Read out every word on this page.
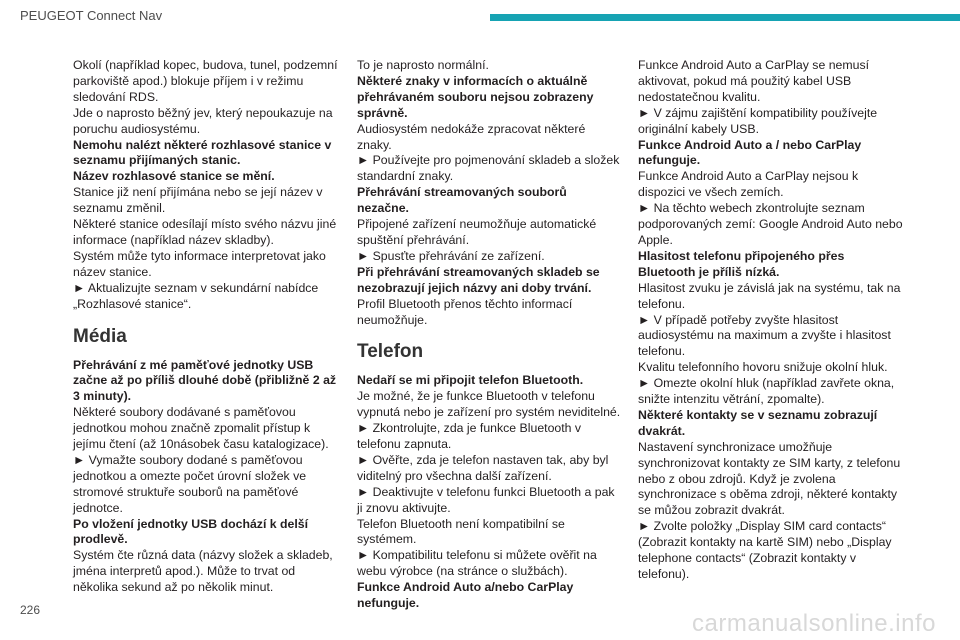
PEUGEOT Connect Nav

Okolí (například kopec, budova, tunel, podzemní parkoviště apod.) blokuje příjem i v režimu sledování RDS.

Jde o naprosto běžný jev, který nepoukazuje na poruchu audiosystému.

Nemohu nalézt některé rozhlasové stanice v seznamu přijímaných stanic.

Název rozhlasové stanice se mění.

Stanice již není přijímána nebo se její název v seznamu změnil.

Některé stanice odesílají místo svého názvu jiné informace (například název skladby).

Systém může tyto informace interpretovat jako název stanice.

► Aktualizujte seznam v sekundární nabídce „Rozhlasové stanice“.

Média

Přehrávání z mé paměťové jednotky USB začne až po příliš dlouhé době (přibližně 2 až 3 minuty).

Některé soubory dodávané s paměťovou jednotkou mohou značně zpomalit přístup k jejímu čtení (až 10násobek času katalogizace).

► Vymažte soubory dodané s paměťovou jednotkou a omezte počet úrovní složek ve stromové struktuře souborů na paměťové jednotce.

Po vložení jednotky USB dochází k delší prodlevě.

Systém čte různá data (názvy složek a skladeb, jména interpretů apod.). Může to trvat od několika sekund až po několik minut.

To je naprosto normální.

Některé znaky v informacích o aktuálně přehrávaném souboru nejsou zobrazeny správně.

Audiosystém nedokáže zpracovat některé znaky.

► Používejte pro pojmenování skladeb a složek standardní znaky.

Přehrávání streamovaných souborů nezačne.

Připojené zařízení neumožňuje automatické spuštění přehrávání.

► Spusťte přehrávání ze zařízení.

Při přehrávání streamovaných skladeb se nezobrazují jejich názvy ani doby trvání.

Profil Bluetooth přenos těchto informací neumožňuje.

Telefon

Nedaří se mi připojit telefon Bluetooth.

Je možné, že je funkce Bluetooth v telefonu vypnutá nebo je zařízení pro systém neviditelné.

► Zkontrolujte, zda je funkce Bluetooth v telefonu zapnuta.

► Ověřte, zda je telefon nastaven tak, aby byl viditelný pro všechna další zařízení.

► Deaktivujte v telefonu funkci Bluetooth a pak ji znovu aktivujte.

Telefon Bluetooth není kompatibilní se systémem.

► Kompatibilitu telefonu si můžete ověřit na webu výrobce (na stránce o službách).

Funkce Android Auto a/nebo CarPlay nefunguje.

Funkce Android Auto a CarPlay se nemusí aktivovat, pokud má použitý kabel USB nedostatečnou kvalitu.

► V zájmu zajištění kompatibility používejte originální kabely USB.

Funkce Android Auto a / nebo CarPlay nefunguje.

Funkce Android Auto a CarPlay nejsou k dispozici ve všech zemích.

► Na těchto webech zkontrolujte seznam podporovaných zemí: Google Android Auto nebo Apple.

Hlasitost telefonu připojeného přes Bluetooth je příliš nízká.

Hlasitost zvuku je závislá jak na systému, tak na telefonu.

► V případě potřeby zvyšte hlasitost audiosystému na maximum a zvyšte i hlasitost telefonu.

Kvalitu telefonního hovoru snižuje okolní hluk.

► Omezte okolní hluk (například zavřete okna, snižte intenzitu větrání, zpomalte).

Některé kontakty se v seznamu zobrazují dvakrát.

Nastavení synchronizace umožňuje synchronizovat kontakty ze SIM karty, z telefonu nebo z obou zdrojů. Když je zvolena synchronizace s oběma zdroji, některé kontakty se můžou zobrazit dvakrát.

► Zvolte položky „Display SIM card contacts“ (Zobrazit kontakty na kartě SIM) nebo „Display telephone contacts“ (Zobrazit kontakty v telefonu).

226	carmanualsonline.info
